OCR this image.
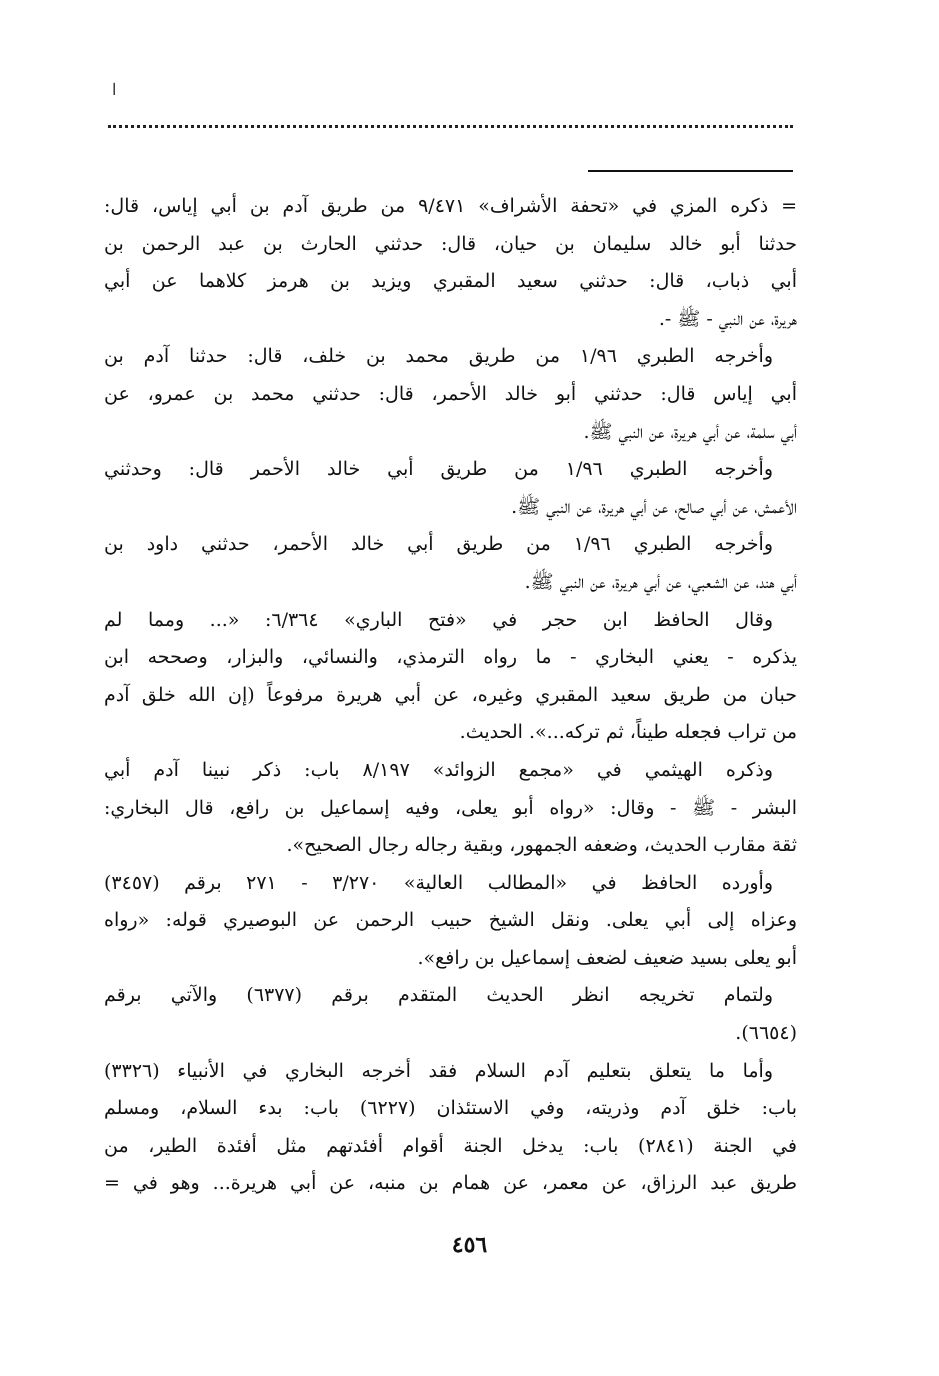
ا
= ذكره المزي في «تحفة الأشراف» ٩/٤٧١ من طريق آدم بن أبي إياس، قال:
حدثنا أبو خالد سليمان بن حيان، قال: حدثني الحارث بن عبد الرحمن بن
أبي ذباب، قال: حدثني سعيد المقبري ويزيد بن هرمز كلاهما عن أبي
هريرة، عن النبي - ﷺ -.
وأخرجه الطبري ١/٩٦ من طريق محمد بن خلف، قال: حدثنا آدم بن
أبي إياس قال: حدثني أبو خالد الأحمر، قال: حدثني محمد بن عمرو، عن
أبي سلمة، عن أبي هريرة، عن النبي ﷺ.
وأخرجه الطبري ١/٩٦ من طريق أبي خالد الأحمر قال: وحدثني
الأعمش، عن أبي صالح، عن أبي هريرة، عن النبي ﷺ.
وأخرجه الطبري ١/٩٦ من طريق أبي خالد الأحمر، حدثني داود بن
أبي هند، عن الشعبي، عن أبي هريرة، عن النبي ﷺ.
وقال الحافظ ابن حجر في «فتح الباري» ٦/٣٦٤: «... ومما لم
يذكره - يعني البخاري - ما رواه الترمذي، والنسائي، والبزار، وصححه ابن
حبان من طريق سعيد المقبري وغيره، عن أبي هريرة مرفوعاً (إن الله خلق آدم
من تراب فجعله طيناً، ثم تركه...». الحديث.
وذكره الهيثمي في «مجمع الزوائد» ٨/١٩٧ باب: ذكر نبينا آدم أبي
البشر - ﷺ - وقال: «رواه أبو يعلى، وفيه إسماعيل بن رافع، قال البخاري:
ثقة مقارب الحديث، وضعفه الجمهور، وبقية رجاله رجال الصحيح».
وأورده الحافظ في «المطالب العالية» ٣/٢٧٠ - ٢٧١ برقم (٣٤٥٧)
وعزاه إلى أبي يعلى. ونقل الشيخ حبيب الرحمن عن البوصيري قوله: «رواه
أبو يعلى بسيد ضعيف لضعف إسماعيل بن رافع».
ولتمام تخريجه انظر الحديث المتقدم برقم (٦٣٧٧) والآتي برقم
(٦٦٥٤).
وأما ما يتعلق بتعليم آدم السلام فقد أخرجه البخاري في الأنبياء (٣٣٢٦)
باب: خلق آدم وذريته، وفي الاستئذان (٦٢٢٧) باب: بدء السلام، ومسلم
في الجنة (٢٨٤١) باب: يدخل الجنة أقوام أفئدتهم مثل أفئدة الطير، من
طريق عبد الرزاق، عن معمر، عن همام بن منبه، عن أبي هريرة... وهو في =
٤٥٦
